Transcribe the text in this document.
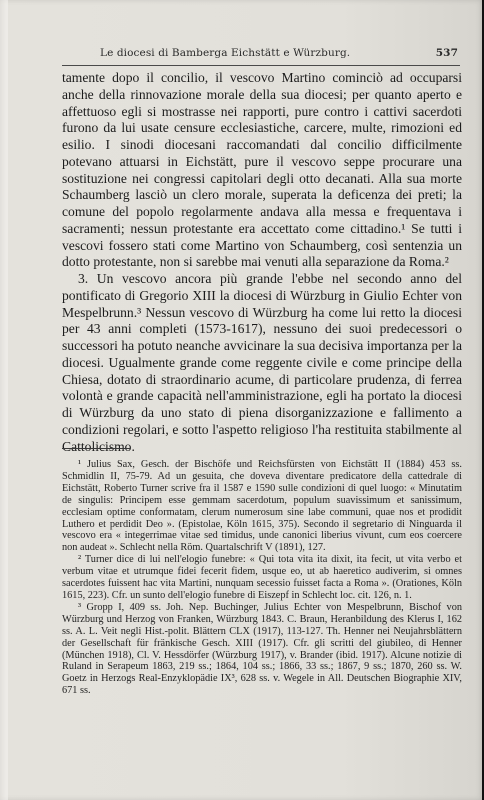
Le diocesi di Bamberga Eichstätt e Würzburg.	537

tamente dopo il concilio, il vescovo Martino cominciò ad occuparsi anche della rinnovazione morale della sua diocesi; per quanto aperto e affettuoso egli si mostrasse nei rapporti, pure contro i cattivi sacerdoti furono da lui usate censure ecclesiastiche, carcere, multe, rimozioni ed esilio. I sinodi diocesani raccomandati dal concilio difficilmente potevano attuarsi in Eichstätt, pure il vescovo seppe procurare una sostituzione nei congressi capitolari degli otto decanati. Alla sua morte Schaumberg lasciò un clero morale, superata la deficenza dei preti; la comune del popolo regolarmente andava alla messa e frequentava i sacramenti; nessun protestante era accettato come cittadino.¹ Se tutti i vescovi fossero stati come Martino von Schaumberg, così sentenzia un dotto protestante, non si sarebbe mai venuti alla separazione da Roma.²

3. Un vescovo ancora più grande l'ebbe nel secondo anno del pontificato di Gregorio XIII la diocesi di Würzburg in Giulio Echter von Mespelbrunn.³ Nessun vescovo di Würzburg ha come lui retto la diocesi per 43 anni completi (1573-1617), nessuno dei suoi predecessori o successori ha potuto neanche avvicinare la sua decisiva importanza per la diocesi. Ugualmente grande come reggente civile e come principe della Chiesa, dotato di straordinario acume, di particolare prudenza, di ferrea volontà e grande capacità nell'amministrazione, egli ha portato la diocesi di Würzburg da uno stato di piena disorganizzazione e fallimento a condizioni regolari, e sotto l'aspetto religioso l'ha restituita stabilmente al Cattolicismo.

¹ Julius Sax, Gesch. der Bischöfe und Reichsfürsten von Eichstätt II (1884) 453 ss. Schmidlin II, 75-79. Ad un gesuita, che doveva diventare predicatore della cattedrale di Eichstätt, Roberto Turner scrive fra il 1587 e 1590 sulle condizioni di quel luogo: « Minutatim de singulis: Principem esse gemmam sacerdotum, populum suavissimum et sanissimum, ecclesiam optime conformatam, clerum numerosum sine labe communi, quae nos et prodidit Luthero et perdidit Deo ». (Epistolae, Köln 1615, 375). Secondo il segretario di Ninguarda il vescovo era « integerrimae vitae sed timidus, unde canonici liberius vivunt, cum eos coercere non audeat ». Schlecht nella Röm. Quartalschrift V (1891), 127.

² Turner dice di lui nell'elogio funebre: « Qui tota vita ita dixit, ita fecit, ut vita verbo et verbum vitae et utrumque fidei fecerit fidem, usque eo, ut ab haeretico audiverim, si omnes sacerdotes fuissent hac vita Martini, nunquam secessio fuisset facta a Roma ». (Orationes, Köln 1615, 223). Cfr. un sunto dell'elogio funebre di Eiszepf in Schlecht loc. cit. 126, n. 1.

³ Gropp I, 409 ss. Joh. Nep. Buchinger, Julius Echter von Mespelbrunn, Bischof von Würzburg und Herzog von Franken, Würzburg 1843. C. Braun, Heranbildung des Klerus I, 162 ss. A. L. Veit negli Hist.-polit. Blättern CLX (1917), 113-127. Th. Henner nei Neujahrsblättern der Gesellschaft für fränkische Gesch. XIII (1917). Cfr. gli scritti del giubileo, di Henner (München 1918), Cl. V. Hessdörfer (Würzburg 1917), v. Brander (ibid. 1917). Alcune notizie di Ruland in Serapeum 1863, 219 ss.; 1864, 104 ss.; 1866, 33 ss.; 1867, 9 ss.; 1870, 260 ss. W. Goetz in Herzogs Real-Enzyklopädie IX³, 628 ss. v. Wegele in All. Deutschen Biographie XIV, 671 ss.
